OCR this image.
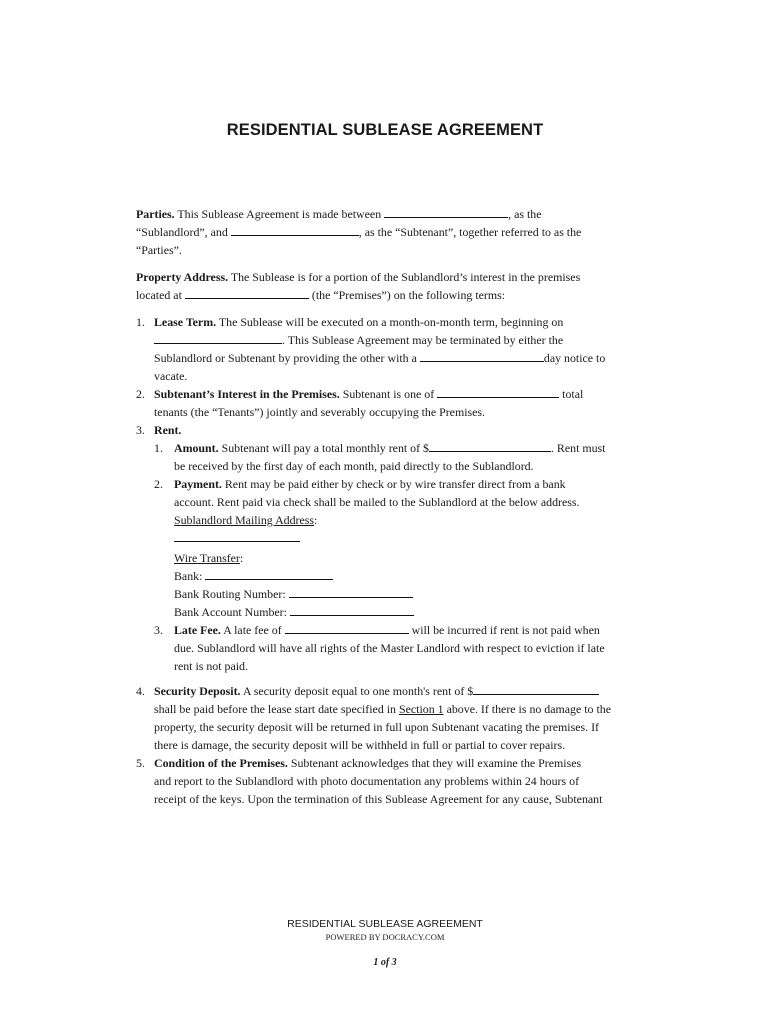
RESIDENTIAL SUBLEASE AGREEMENT

Parties. This Sublease Agreement is made between	, as the
“Sublandlord”, and	, as the “Subtenant”, together referred to as the
“Parties”.

Property Address. The Sublease is for a portion of the Sublandlord’s interest in the premises
located at	(the “Premises”) on the following terms:

1. Lease Term. The Sublease will be executed on a month-on-month term, beginning on
. This Sublease Agreement may be terminated by either the
Sublandlord or Subtenant by providing the other with a	day notice to
vacate.
2. Subtenant’s Interest in the Premises. Subtenant is one of	total
tenants (the “Tenants”) jointly and severably occupying the Premises.
3. Rent.
1. Amount. Subtenant will pay a total monthly rent of $	. Rent must
be received by the first day of each month, paid directly to the Sublandlord.
2. Payment. Rent may be paid either by check or by wire transfer direct from a bank
account. Rent paid via check shall be mailed to the Sublandlord at the below address.
Sublandlord Mailing Address:

Wire Transfer:
Bank:
Bank Routing Number:
Bank Account Number:
3. Late Fee. A late fee of	will be incurred if rent is not paid when
due. Sublandlord will have all rights of the Master Landlord with respect to eviction if late
rent is not paid.
4. Security Deposit. A security deposit equal to one month's rent of $
shall be paid before the lease start date specified in Section 1 above. If there is no damage to the
property, the security deposit will be returned in full upon Subtenant vacating the premises. If
there is damage, the security deposit will be withheld in full or partial to cover repairs.
5. Condition of the Premises. Subtenant acknowledges that they will examine the Premises
and report to the Sublandlord with photo documentation any problems within 24 hours of
receipt of the keys. Upon the termination of this Sublease Agreement for any cause, Subtenant
RESIDENTIAL SUBLEASE AGREEMENT
POWERED BY DOCRACY.COM
1 of 3
